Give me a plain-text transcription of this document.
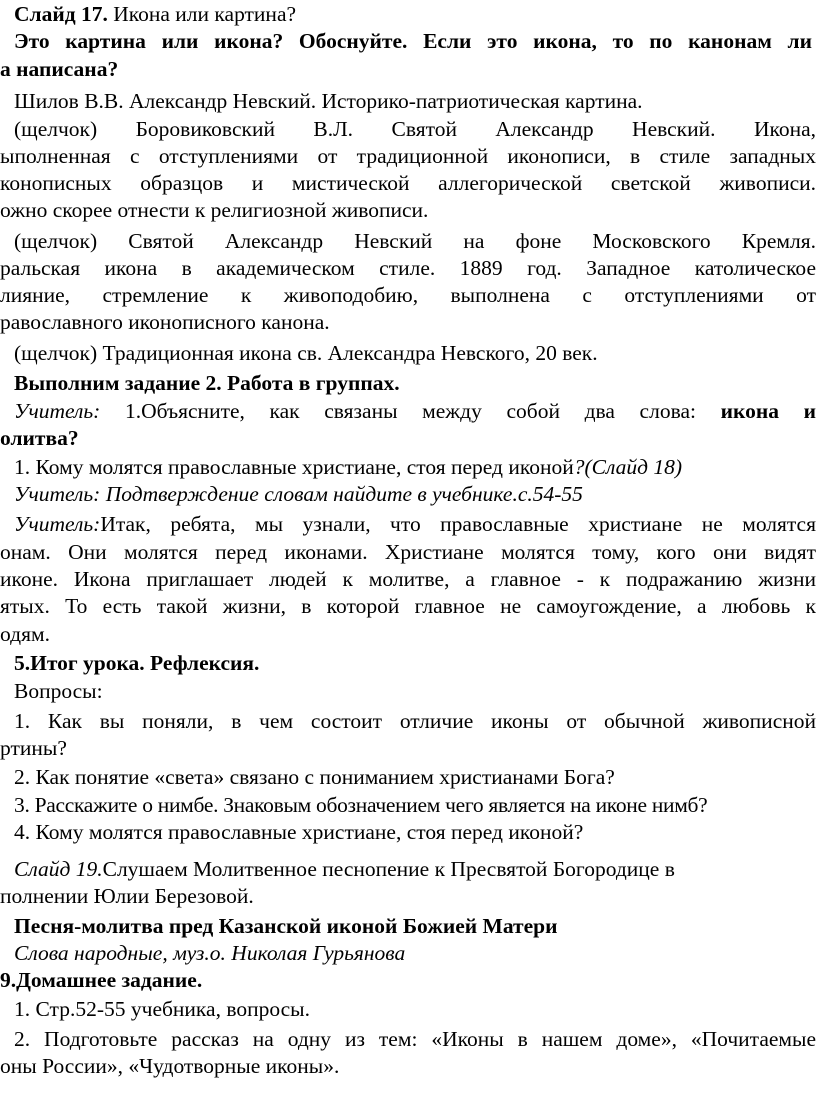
Слайд 17. Икона или картина?

Это картина или икона? Обоснуйте. Если это икона, то по канонам ли

а написана?

Шилов В.В. Александр Невский. Историко-патриотическая картина.

(щелчок) Боровиковский В.Л. Святой Александр Невский. Икона,

ыполненная с отступлениями от традиционной иконописи, в стиле западных

конописных образцов и мистической аллегорической светской живописи.

ожно скорее отнести к религиозной живописи.

(щелчок) Святой Александр Невский на фоне Московского Кремля.

ральская икона в академическом стиле. 1889 год. Западное католическое

лияние, стремление к живоподобию, выполнена с отступлениями от

равославного иконописного канона.

(щелчок) Традиционная икона св. Александра Невского, 20 век.

Выполним задание 2. Работа в группах.

Учитель: 1.Объясните, как связаны между собой два слова: икона и

олитва?

1. Кому молятся православные христиане, стоя перед иконой?(Слайд 18)

Учитель: Подтверждение словам найдите в учебнике.с.54-55

Учитель:Итак, ребята, мы узнали, что православные христиане не молятся

онам. Они молятся перед иконами. Христиане молятся тому, кого они видят

иконе. Икона приглашает людей к молитве, а главное - к подражанию жизни

ятых. То есть такой жизни, в которой главное не самоугождение, а любовь к

одям.

5.Итог урока. Рефлексия.

Вопросы:

1. Как вы поняли, в чем состоит отличие иконы от обычной живописной

ртины?

2. Как понятие «света» связано с пониманием христианами Бога?

3. Расскажите о нимбе. Знаковым обозначением чего является на иконе нимб?

4. Кому молятся православные христиане, стоя перед иконой?

Слайд 19.Слушаем Молитвенное песнопение к Пресвятой Богородице в

полнении Юлии Березовой.

Песня-молитва пред Казанской иконой Божией Матери

Слова народные, муз.о. Николая Гурьянова

9.Домашнее задание.

1. Стр.52-55 учебника, вопросы.

2. Подготовьте рассказ на одну из тем: «Иконы в нашем доме», «Почитаемые

оны России», «Чудотворные иконы».
